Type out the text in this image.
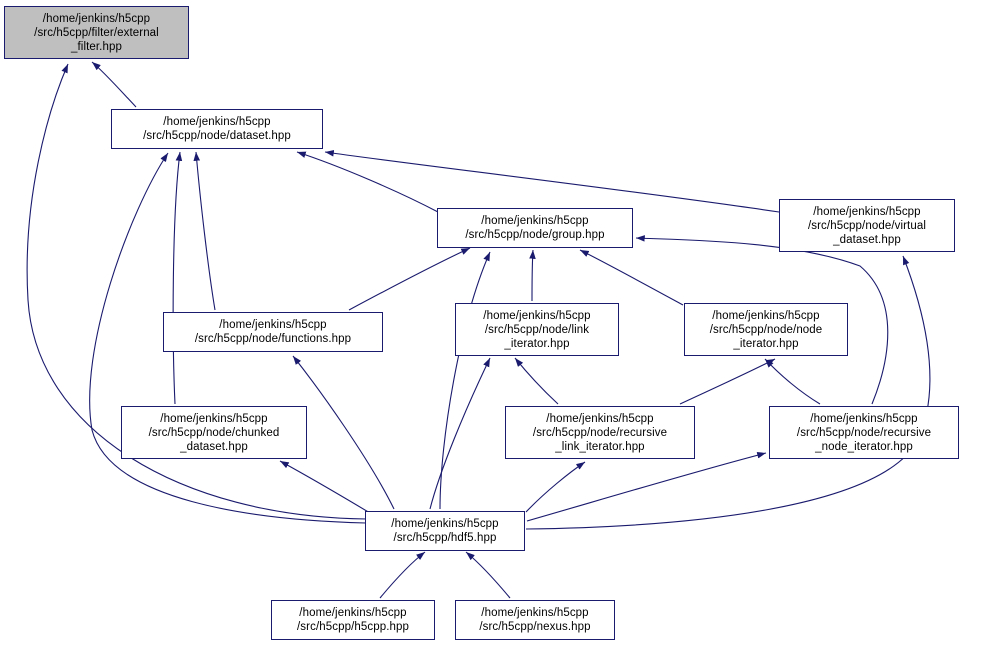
/home/jenkins/h5cpp
/src/h5cpp/filter/external
_filter.hpp
/home/jenkins/h5cpp
/src/h5cpp/node/dataset.hpp
/home/jenkins/h5cpp
/src/h5cpp/node/group.hpp
/home/jenkins/h5cpp
/src/h5cpp/node/virtual
_dataset.hpp
/home/jenkins/h5cpp
/src/h5cpp/node/functions.hpp
/home/jenkins/h5cpp
/src/h5cpp/node/link
_iterator.hpp
/home/jenkins/h5cpp
/src/h5cpp/node/node
_iterator.hpp
/home/jenkins/h5cpp
/src/h5cpp/node/chunked
_dataset.hpp
/home/jenkins/h5cpp
/src/h5cpp/node/recursive
_link_iterator.hpp
/home/jenkins/h5cpp
/src/h5cpp/node/recursive
_node_iterator.hpp
/home/jenkins/h5cpp
/src/h5cpp/hdf5.hpp
/home/jenkins/h5cpp
/src/h5cpp/h5cpp.hpp
/home/jenkins/h5cpp
/src/h5cpp/nexus.hpp
